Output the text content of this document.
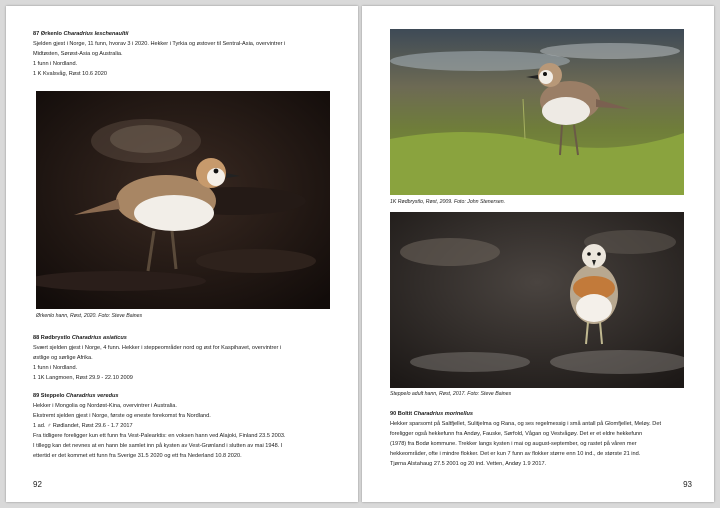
87 Ørkenlo Charadrius leschenaultii
Sjelden gjest i Norge, 11 funn, hvorav 3 i 2020. Hekker i Tyrkia og østover til Sentral-Asia, overvintrer i
Midtøsten, Sørøst-Asia og Australia.
1 funn i Nordland.
1 K Kvalsvåg, Røst 10.6 2020
Ørkenlo hann, Røst, 2020. Foto: Steve Baines
88 Rødbrystlo Charadrius asiaticus
Svært sjelden gjest i Norge, 4 funn. Hekker i steppeområder nord og øst for Kaspihavet, overvintrer i
østlige og sørlige Afrika.
1 funn i Nordland.
1 1K Langmoen, Røst 29.9 - 22.10 2009
89 Steppelo Charadrius veredus
Hekker i Mongolia og Nordøst-Kina, overvintrer i Australia.
Ekstremt sjelden gjest i Norge, første og eneste forekomst fra Nordland.
1 ad. ♂ Rødlandet, Røst 29.6 - 1.7 2017
Fra tidligere foreligger kun ett funn fra Vest-Palearktis: en voksen hann ved Alajoki, Finland 23.5 2003.
I tillegg kan det nevnes at en hann ble samlet inn på kysten av Vest-Grønland i slutten av mai 1948. I
ettertid er det kommet ett funn fra Sverige 31.5 2020 og ett fra Nederland 10.8 2020.
92
1K Rødbrystlo, Røst, 2009. Foto: John Stenersen.
Steppelo adult hann, Røst, 2017. Foto: Steve Baines
90 Boltit Charadrius morinellus
Hekker sparsomt på Saltfjellet, Sulitjelma og Rana, og ses regelmessig i små antall på Glomfjellet, Meløy. Det
foreligger også hekkefunn fra Andøy, Fauske, Sørfold, Vågan og Vestvågøy. Det er et eldre hekkefunn
(1978) fra Bodø kommune. Trekker langs kysten i mai og august-september, og rastet på våren mer
hekkeområder, ofte i mindre flokker. Det er kun 7 funn av flokker større enn 10 ind., de største 21 ind.
Tjørna Alstahaug 27.5 2001 og 20 ind. Vetten, Andøy 1.9 2017.
93
